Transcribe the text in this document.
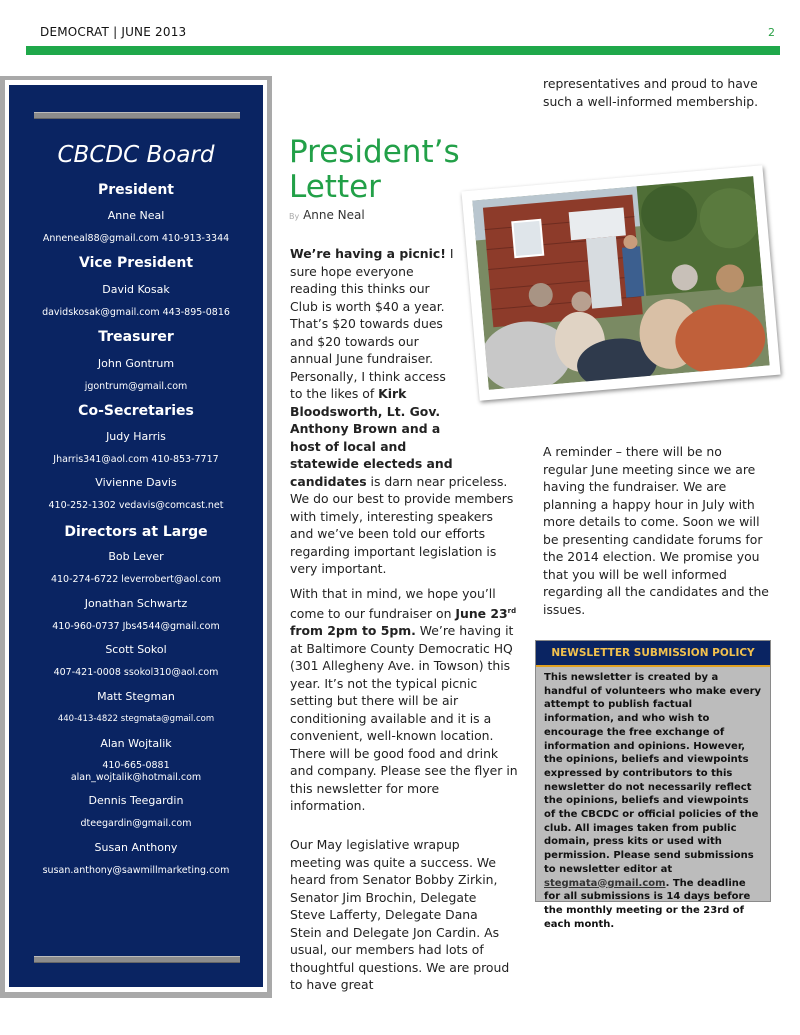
DEMOCRAT | JUNE 2013	2
CBCDC Board
President
Anne Neal
Anneneal88@gmail.com 410-913-3344
Vice President
David Kosak
davidskosak@gmail.com 443-895-0816
Treasurer
John Gontrum
jgontrum@gmail.com
Co-Secretaries
Judy Harris
Jharris341@aol.com 410-853-7717
Vivienne Davis
410-252-1302 vedavis@comcast.net
Directors at Large
Bob Lever
410-274-6722 leverrobert@aol.com
Jonathan Schwartz
410-960-0737 Jbs4544@gmail.com
Scott Sokol
407-421-0008 ssokol310@aol.com
Matt Stegman
440-413-4822 stegmata@gmail.com
Alan Wojtalik
410-665-0881
alan_wojtalik@hotmail.com
Dennis Teegardin
dteegardin@gmail.com
Susan Anthony
susan.anthony@sawmillmarketing.com
President’s
Letter
By Anne Neal

We’re having a picnic! I sure hope everyone reading this thinks our Club is worth $40 a year. That’s $20 towards dues and $20 towards our annual June fundraiser. Personally, I think access to the likes of Kirk Bloodsworth, Lt. Gov. Anthony Brown and a host of local and statewide electeds and candidates is darn near priceless. We do our best to provide members with timely, interesting speakers and we’ve been told our efforts regarding important legislation is very important.

With that in mind, we hope you’ll come to our fundraiser on June 23rd from 2pm to 5pm. We’re having it at Baltimore County Democratic HQ (301 Allegheny Ave. in Towson) this year. It’s not the typical picnic setting but there will be air conditioning available and it is a convenient, well-known location. There will be good food and drink and company. Please see the flyer in this newsletter for more information.

Our May legislative wrapup meeting was quite a success. We heard from Senator Bobby Zirkin, Senator Jim Brochin, Delegate Steve Lafferty, Delegate Dana Stein and Delegate Jon Cardin. As usual, our members had lots of thoughtful questions. We are proud to have great

representatives and proud to have such a well-informed membership.

A reminder – there will be no regular June meeting since we are having the fundraiser. We are planning a happy hour in July with more details to come. Soon we will be presenting candidate forums for the 2014 election. We promise you that you will be well informed regarding all the candidates and the issues.

NEWSLETTER SUBMISSION POLICY
This newsletter is created by a handful of volunteers who make every attempt to publish factual information, and who wish to encourage the free exchange of information and opinions. However, the opinions, beliefs and viewpoints expressed by contributors to this newsletter do not necessarily reflect the opinions, beliefs and viewpoints of the CBCDC or official policies of the club. All images taken from public domain, press kits or used with permission. Please send submissions to newsletter editor at stegmata@gmail.com. The deadline for all submissions is 14 days before the monthly meeting or the 23rd of each month.
